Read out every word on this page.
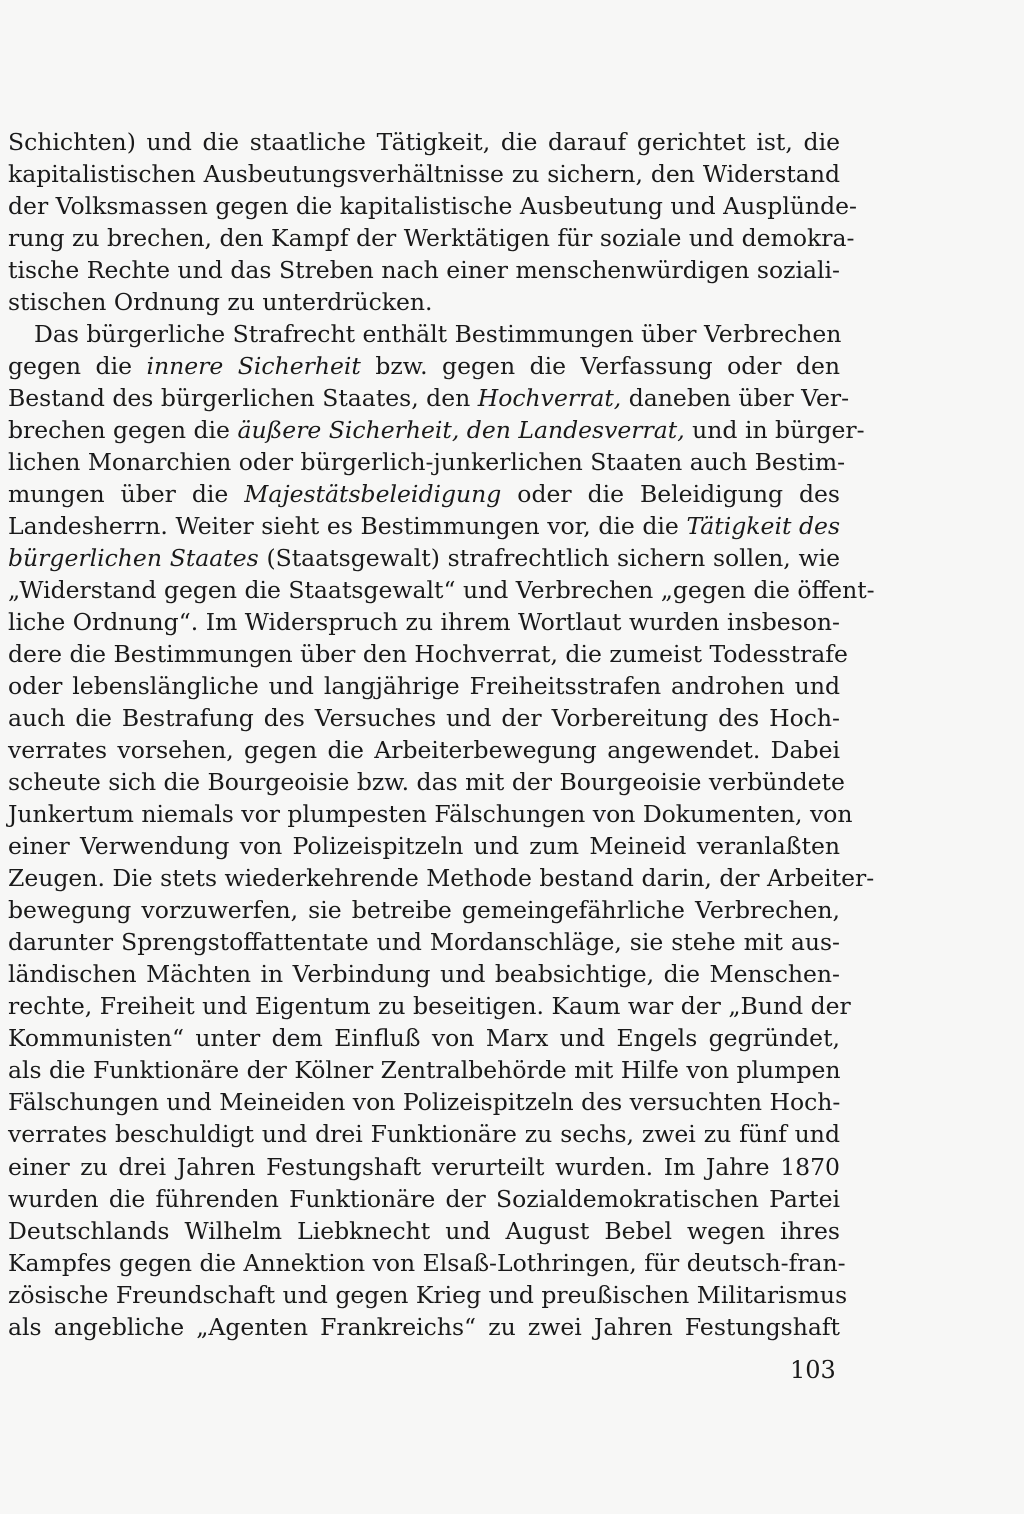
Schichten) und die staatliche Tätigkeit, die darauf gerichtet ist, die
kapitalistischen Ausbeutungsverhältnisse zu sichern, den Widerstand
der Volksmassen gegen die kapitalistische Ausbeutung und Ausplünde-
rung zu brechen, den Kampf der Werktätigen für soziale und demokra-
tische Rechte und das Streben nach einer menschenwürdigen soziali-
stischen Ordnung zu unterdrücken.
Das bürgerliche Strafrecht enthält Bestimmungen über Verbrechen
gegen die innere Sicherheit bzw. gegen die Verfassung oder den
Bestand des bürgerlichen Staates, den Hochverrat, daneben über Ver-
brechen gegen die äußere Sicherheit, den Landesverrat, und in bürger-
lichen Monarchien oder bürgerlich-junkerlichen Staaten auch Bestim-
mungen über die Majestätsbeleidigung oder die Beleidigung des
Landesherrn. Weiter sieht es Bestimmungen vor, die die Tätigkeit des
bürgerlichen Staates (Staatsgewalt) strafrechtlich sichern sollen, wie
„Widerstand gegen die Staatsgewalt“ und Verbrechen „gegen die öffent-
liche Ordnung“. Im Widerspruch zu ihrem Wortlaut wurden insbeson-
dere die Bestimmungen über den Hochverrat, die zumeist Todesstrafe
oder lebenslängliche und langjährige Freiheitsstrafen androhen und
auch die Bestrafung des Versuches und der Vorbereitung des Hoch-
verrates vorsehen, gegen die Arbeiterbewegung angewendet. Dabei
scheute sich die Bourgeoisie bzw. das mit der Bourgeoisie verbündete
Junkertum niemals vor plumpesten Fälschungen von Dokumenten, von
einer Verwendung von Polizeispitzeln und zum Meineid veranlaßten
Zeugen. Die stets wiederkehrende Methode bestand darin, der Arbeiter-
bewegung vorzuwerfen, sie betreibe gemeingefährliche Verbrechen,
darunter Sprengstoffattentate und Mordanschläge, sie stehe mit aus-
ländischen Mächten in Verbindung und beabsichtige, die Menschen-
rechte, Freiheit und Eigentum zu beseitigen. Kaum war der „Bund der
Kommunisten“ unter dem Einfluß von Marx und Engels gegründet,
als die Funktionäre der Kölner Zentralbehörde mit Hilfe von plumpen
Fälschungen und Meineiden von Polizeispitzeln des versuchten Hoch-
verrates beschuldigt und drei Funktionäre zu sechs, zwei zu fünf und
einer zu drei Jahren Festungshaft verurteilt wurden. Im Jahre 1870
wurden die führenden Funktionäre der Sozialdemokratischen Partei
Deutschlands Wilhelm Liebknecht und August Bebel wegen ihres
Kampfes gegen die Annektion von Elsaß-Lothringen, für deutsch-fran-
zösische Freundschaft und gegen Krieg und preußischen Militarismus
als angebliche „Agenten Frankreichs“ zu zwei Jahren Festungshaft
103
